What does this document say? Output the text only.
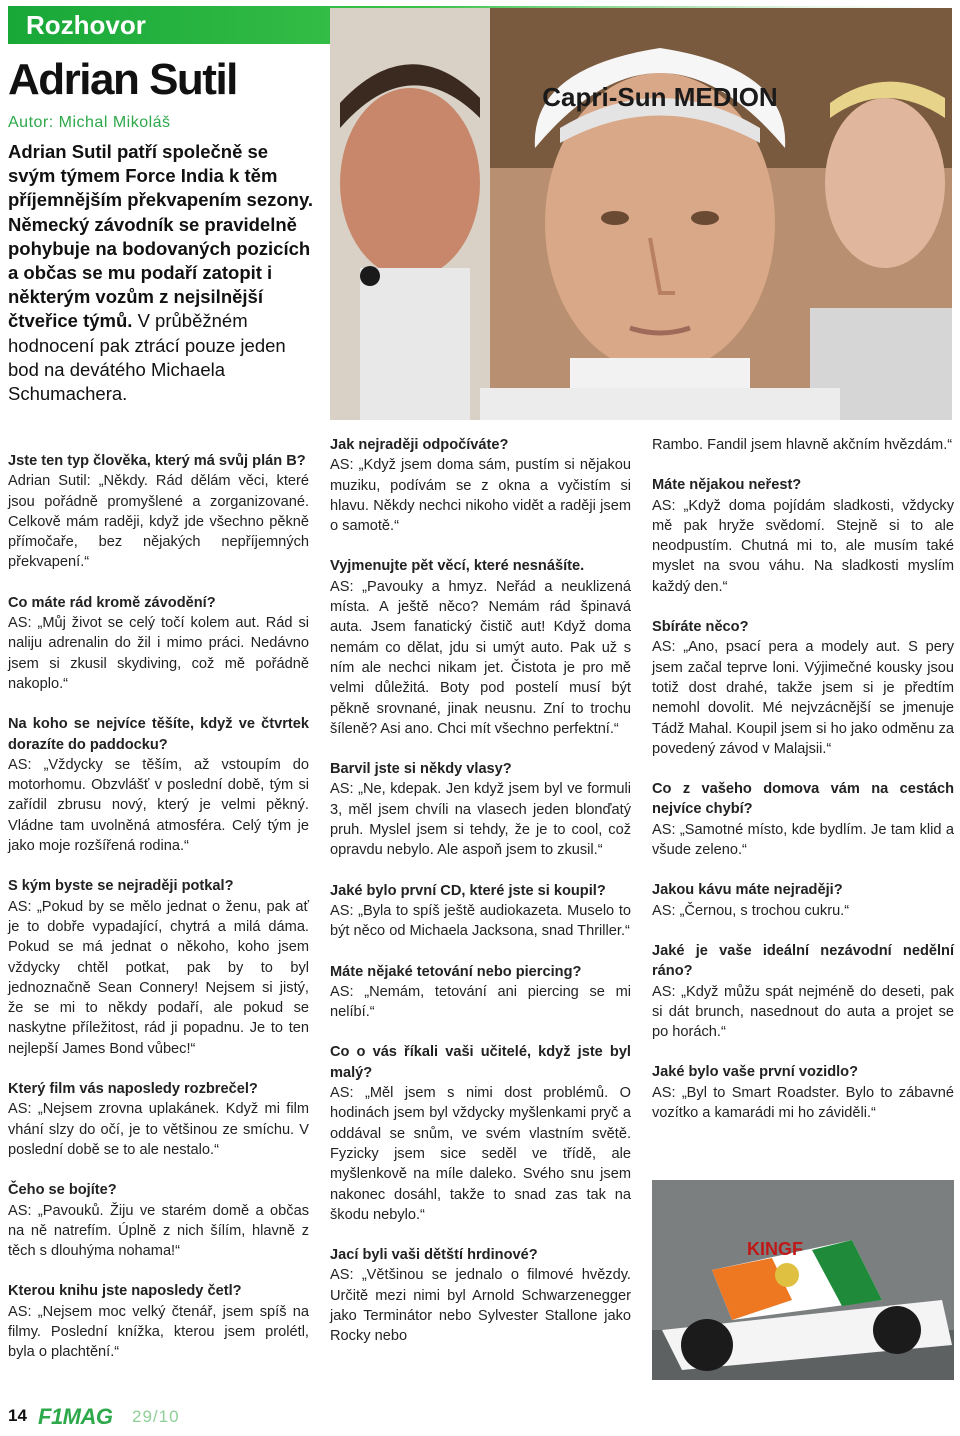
Rozhovor
Adrian Sutil
Autor: Michal Mikoláš
Adrian Sutil patří společně se svým týmem Force India k těm příjemnějším překvapením sezony. Německý závodník se pravidelně pohybuje na bodovaných pozicích a občas se mu podaří zatopit i některým vozům z nejsilnější čtveřice týmů. V průběžném hodnocení pak ztrácí pouze jeden bod na devátého Michaela Schumachera.
Capri-Sun MEDION

Jste ten typ člověka, který má svůj plán B?
Adrian Sutil: „Někdy. Rád dělám věci, které jsou pořádně promyšlené a zorganizované. Celkově mám raději, když jde všechno pěkně přímočaře, bez nějakých nepříjemných překvapení.“

Co máte rád kromě závodění?
AS: „Můj život se celý točí kolem aut. Rád si naliju adrenalin do žil i mimo práci. Nedávno jsem si zkusil skydiving, což mě pořádně nakoplo.“

Na koho se nejvíce těšíte, když ve čtvrtek dorazíte do paddocku?
AS: „Vždycky se těším, až vstoupím do motorhomu. Obzvlášť v poslední době, tým si zařídil zbrusu nový, který je velmi pěkný. Vládne tam uvolněná atmosféra. Celý tým je jako moje rozšířená rodina.“

S kým byste se nejraději potkal?
AS: „Pokud by se mělo jednat o ženu, pak ať je to dobře vypadající, chytrá a milá dáma. Pokud se má jednat o někoho, koho jsem vždycky chtěl potkat, pak by to byl jednoznačně Sean Connery! Nejsem si jistý, že se mi to někdy podaří, ale pokud se naskytne příležitost, rád ji popadnu. Je to ten nejlepší James Bond vůbec!“

Který film vás naposledy rozbrečel?
AS: „Nejsem zrovna uplakánek. Když mi film vhání slzy do očí, je to většinou ze smíchu. V poslední době se to ale nestalo.“

Čeho se bojíte?
AS: „Pavouků. Žiju ve starém domě a občas na ně natrefím. Úplně z nich šílím, hlavně z těch s dlouhýma nohama!“

Kterou knihu jste naposledy četl?
AS: „Nejsem moc velký čtenář, jsem spíš na filmy. Poslední knížka, kterou jsem prolétl, byla o plachtění.“

Jak nejraději odpočíváte?
AS: „Když jsem doma sám, pustím si nějakou muziku, podívám se z okna a vyčistím si hlavu. Někdy nechci nikoho vidět a raději jsem o samotě.“

Vyjmenujte pět věcí, které nesnášíte.
AS: „Pavouky a hmyz. Neřád a neuklizená místa. A ještě něco? Nemám rád špinavá auta. Jsem fanatický čistič aut! Když doma nemám co dělat, jdu si umýt auto. Pak už s ním ale nechci nikam jet. Čistota je pro mě velmi důležitá. Boty pod postelí musí být pěkně srovnané, jinak neusnu. Zní to trochu šíleně? Asi ano. Chci mít všechno perfektní.“

Barvil jste si někdy vlasy?
AS: „Ne, kdepak. Jen když jsem byl ve formuli 3, měl jsem chvíli na vlasech jeden blonďatý pruh. Myslel jsem si tehdy, že je to cool, což opravdu nebylo. Ale aspoň jsem to zkusil.“

Jaké bylo první CD, které jste si koupil?
AS: „Byla to spíš ještě audiokazeta. Muselo to být něco od Michaela Jacksona, snad Thriller.“

Máte nějaké tetování nebo piercing?
AS: „Nemám, tetování ani piercing se mi nelíbí.“

Co o vás říkali vaši učitelé, když jste byl malý?
AS: „Měl jsem s nimi dost problémů. O hodinách jsem byl vždycky myšlenkami pryč a oddával se snům, ve svém vlastním světě. Fyzicky jsem sice seděl ve třídě, ale myšlenkově na míle daleko. Svého snu jsem nakonec dosáhl, takže to snad zas tak na škodu nebylo.“

Jací byli vaši dětští hrdinové?
AS: „Většinou se jednalo o filmové hvězdy. Určitě mezi nimi byl Arnold Schwarzenegger jako Terminátor nebo Sylvester Stallone jako Rocky nebo

Rambo. Fandil jsem hlavně akčním hvězdám.“

Máte nějakou neřest?
AS: „Když doma pojídám sladkosti, vždycky mě pak hryže svědomí. Stejně si to ale neodpustím. Chutná mi to, ale musím také myslet na svou váhu. Na sladkosti myslím každý den.“

Sbíráte něco?
AS: „Ano, psací pera a modely aut. S pery jsem začal teprve loni. Výjimečné kousky jsou totiž dost drahé, takže jsem si je předtím nemohl dovolit. Mé nejvzácnější se jmenuje Tádž Mahal. Koupil jsem si ho jako odměnu za povedený závod v Malajsii.“

Co z vašeho domova vám na cestách nejvíce chybí?
AS: „Samotné místo, kde bydlím. Je tam klid a všude zeleno.“

Jakou kávu máte nejraději?
AS: „Černou, s trochou cukru.“

Jaké je vaše ideální nezávodní nedělní ráno?
AS: „Když můžu spát nejméně do deseti, pak si dát brunch, nasednout do auta a projet se po horách.“

Jaké bylo vaše první vozidlo?
AS: „Byl to Smart Roadster. Bylo to zábavné vozítko a kamarádi mi ho záviděli.“

KINGF
14 F1MAG 29/10
